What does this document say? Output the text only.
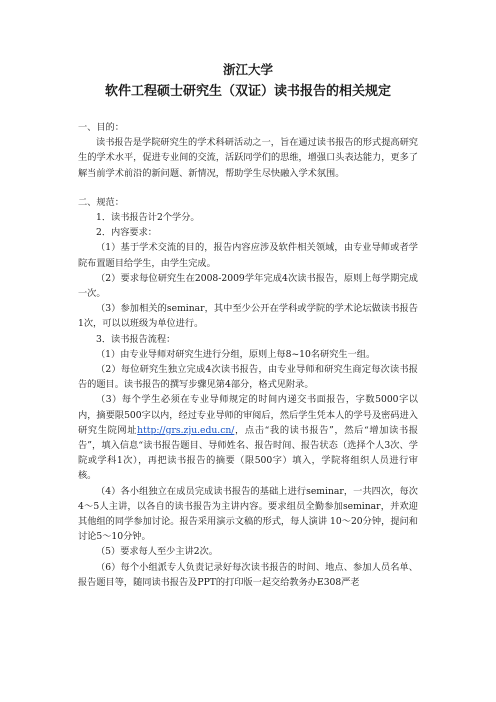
浙江大学
软件工程硕士研究生（双证）读书报告的相关规定

一、目的：

读书报告是学院研究生的学术科研活动之一，旨在通过读书报告的形式提高研究生的学术水平，促进专业间的交流，活跃同学们的思维，增强口头表达能力，更多了解当前学术前沿的新问题、新情况，帮助学生尽快融入学术氛围。

二、规范：

1．读书报告计2个学分。

2．内容要求：

（1）基于学术交流的目的，报告内容应涉及软件相关领域，由专业导师或者学院布置题目给学生，由学生完成。

（2）要求每位研究生在2008-2009学年完成4次读书报告，原则上每学期完成一次。

（3）参加相关的seminar，其中至少公开在学科或学院的学术论坛做读书报告1次，可以以班级为单位进行。

3．读书报告流程：

（1）由专业导师对研究生进行分组，原则上每8~10名研究生一组。

（2）每位研究生独立完成4次读书报告，由专业导师和研究生商定每次读书报告的题目。读书报告的撰写步骤见第4部分，格式见附录。

（3）每个学生必须在专业导师规定的时间内递交书面报告，字数5000字以内，摘要限500字以内，经过专业导师的审阅后，然后学生凭本人的学号及密码进入研究生院网址http://grs.zju.edu.cn/，点击“我的读书报告”，然后“增加读书报告”，填入信息“读书报告题目、导师姓名、报告时间、报告状态（选择个人3次、学院或学科1次），再把读书报告的摘要（限500字）填入，学院将组织人员进行审核。

（4）各小组独立在成员完成读书报告的基础上进行seminar，一共四次，每次4～5人主讲，以各自的读书报告为主讲内容。要求组员全勤参加seminar，并欢迎其他组的同学参加讨论。报告采用演示文稿的形式，每人演讲 10～20分钟，提问和讨论5～10分钟。

（5）要求每人至少主讲2次。

（6）每个小组派专人负责记录好每次读书报告的时间、地点、参加人员名单、报告题目等，随同读书报告及PPT的打印版一起交给教务办E308严老
